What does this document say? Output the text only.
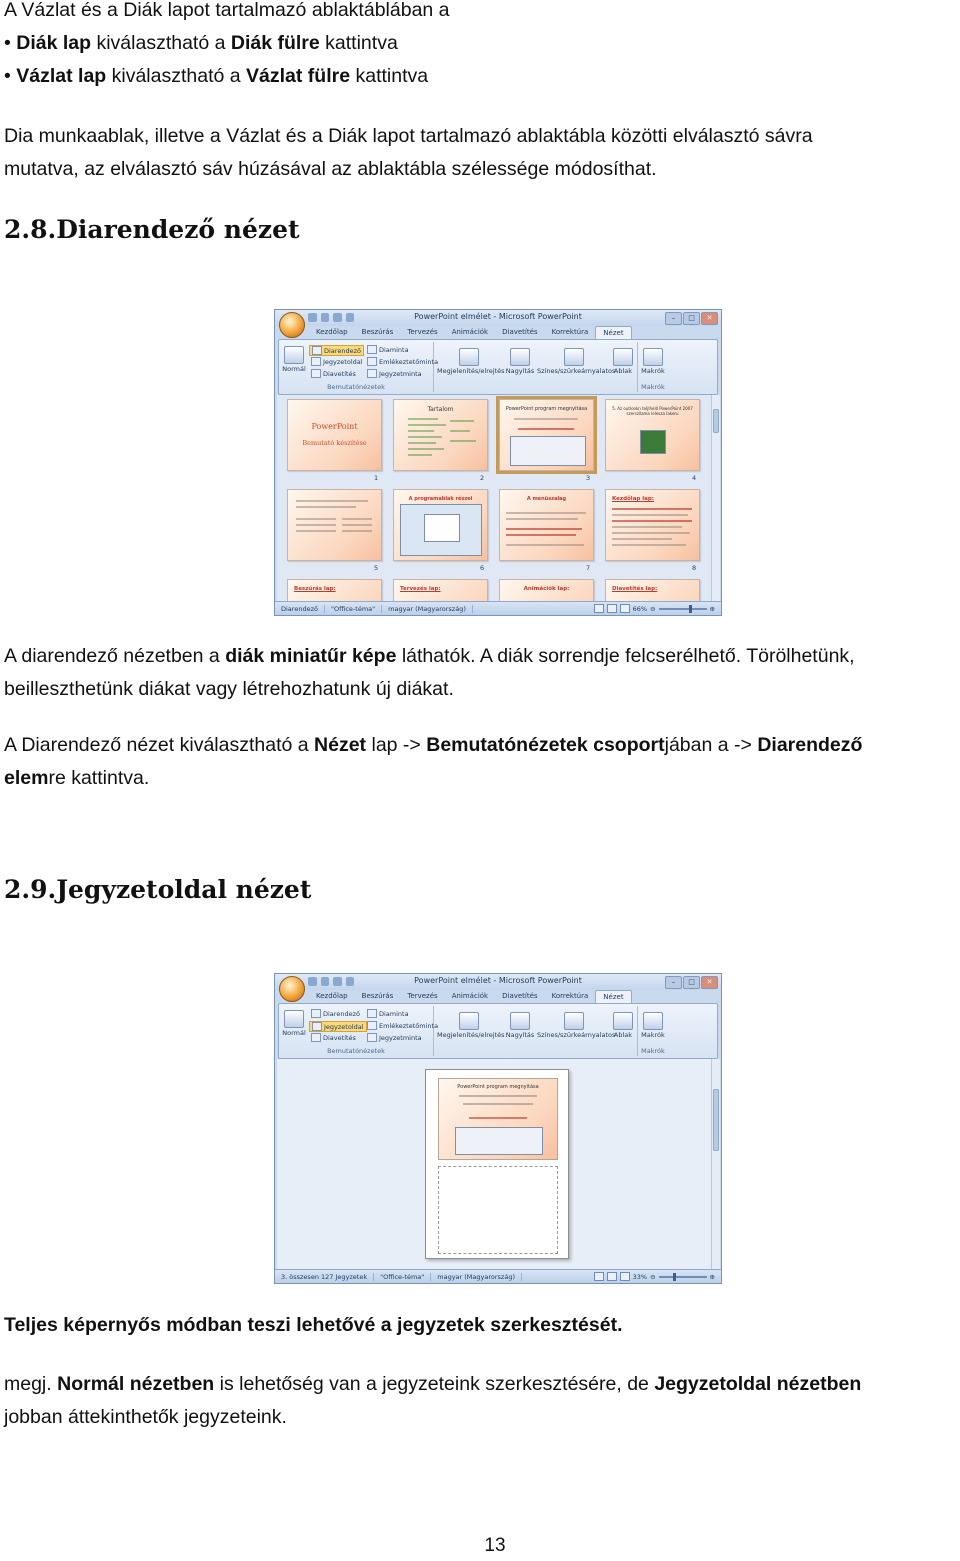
A Vázlat és a Diák lapot tartalmazó ablaktáblában a

• Diák lap kiválasztható a Diák fülre kattintva

• Vázlat lap kiválasztható a Vázlat fülre kattintva

Dia munkaablak, illetve a Vázlat és a Diák lapot tartalmazó ablaktábla közötti elválasztó sávra

mutatva, az elválasztó sáv húzásával az ablaktábla szélessége módosíthat.

2.8.Diarendező nézet
PowerPoint elmélet - Microsoft PowerPoint	–	□	✕
Kezdőlap	Beszúrás	Tervezés	Animációk	Diavetítés	Korrektúra	Nézet
Normál
Diarendező
Jegyzetoldal
Diavetítés
Diaminta
Emlékeztetőminta
Jegyzetminta
Bemutatónézetek
Megjelenítés/elrejtés Nagyítás Színes/szürkeárnyalatos
Ablak	Makrók
Makrók
PowerPoint
Bemutató készítése
1
Tartalom
2
PowerPoint program megnyitása
3
5. Az outlookn teljlhelő PowerPoint 2007 szerszílama lelesza lakeru
4
5
A programablak részei
6
A menüszalag
7
Kezdőlap lap:
8
Beszúrás lap:	Tervezés lap:	Animációk lap:	Diavetítés lap:
Diarendező	"Office-téma"	magyar (Magyarország)	66% ⊖	⊕

A diarendező nézetben a diák miniatűr képe láthatók. A diák sorrendje felcserélhető. Törölhetünk,

beilleszthetünk diákat vagy létrehozhatunk új diákat.

A Diarendező nézet kiválasztható a Nézet lap -> Bemutatónézetek csoportjában a -> Diarendező

elemre kattintva.

2.9.Jegyzetoldal nézet
PowerPoint elmélet - Microsoft PowerPoint	–	□	✕
Kezdőlap	Beszúrás	Tervezés	Animációk	Diavetítés	Korrektúra	Nézet
Normál
Diarendező
Jegyzetoldal
Diavetítés
Diaminta
Emlékeztetőminta
Jegyzetminta
Bemutatónézetek
Megjelenítés/elrejtés Nagyítás Színes/szürkeárnyalatos
Ablak	Makrók
Makrók
PowerPoint program megnyitása
3. összesen 127 Jegyzetek	"Office-téma"	magyar (Magyarország)	33% ⊖	⊕

Teljes képernyős módban teszi lehetővé a jegyzetek szerkesztését.

megj. Normál nézetben is lehetőség van a jegyzeteink szerkesztésére, de Jegyzetoldal nézetben

jobban áttekinthetők jegyzeteink.

13
